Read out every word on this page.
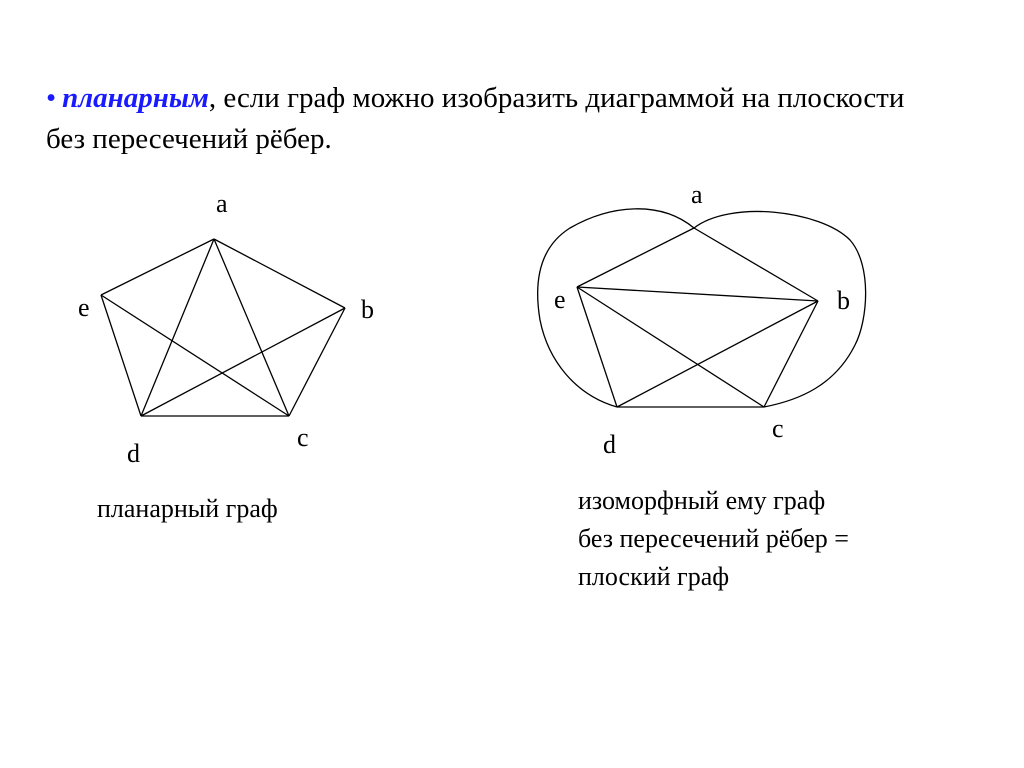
• планарным, если граф можно изобразить диаграммой на плоскости без пересечений рёбер.
a
b
c
d
e
a
b
c
d
e
планарный граф	изоморфный ему граф
без пересечений рёбер =
плоский граф
